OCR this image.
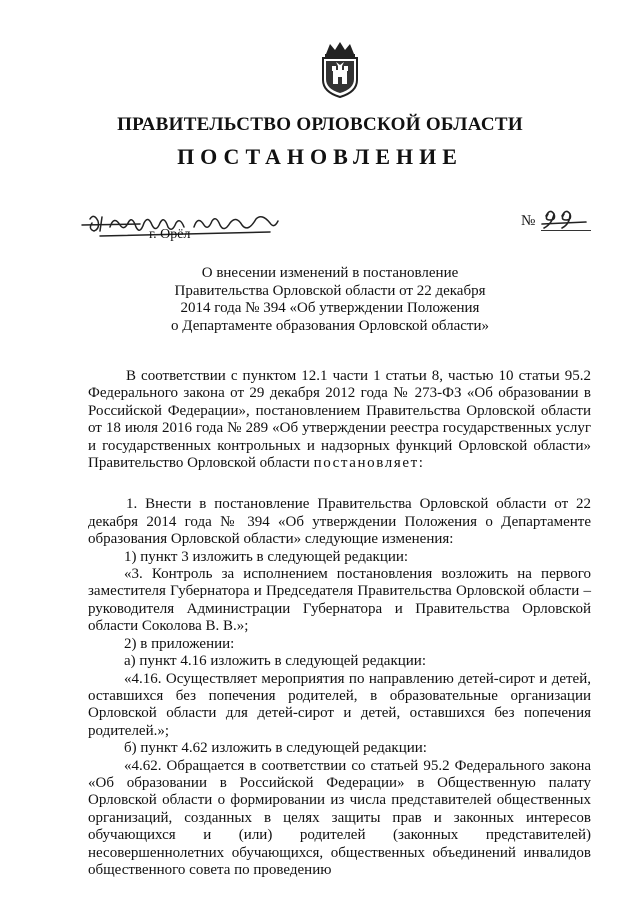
ПРАВИТЕЛЬСТВО ОРЛОВСКОЙ ОБЛАСТИ
ПОСТАНОВЛЕНИЕ
г. Орёл
№
О внесении изменений в постановление
Правительства Орловской области от 22 декабря
2014 года № 394 «Об утверждении Положения
о Департаменте образования Орловской области»

В соответствии с пунктом 12.1 части 1 статьи 8, частью 10 статьи 95.2 Федерального закона от 29 декабря 2012 года № 273-ФЗ «Об образовании в Российской Федерации», постановлением Правительства Орловской области от 18 июля 2016 года № 289 «Об утверждении реестра государственных услуг и государственных контрольных и надзорных функций Орловской области» Правительство Орловской области постановляет:

1. Внести в постановление Правительства Орловской области от 22 декабря 2014 года № 394 «Об утверждении Положения о Департаменте образования Орловской области» следующие изменения:

1) пункт 3 изложить в следующей редакции:

«3. Контроль за исполнением постановления возложить на первого заместителя Губернатора и Председателя Правительства Орловской области – руководителя Администрации Губернатора и Правительства Орловской области Соколова В. В.»;

2) в приложении:

а) пункт 4.16 изложить в следующей редакции:

«4.16. Осуществляет мероприятия по направлению детей-сирот и детей, оставшихся без попечения родителей, в образовательные организации Орловской области для детей-сирот и детей, оставшихся без попечения родителей.»;

б) пункт 4.62 изложить в следующей редакции:

«4.62. Обращается в соответствии со статьей 95.2 Федерального закона «Об образовании в Российской Федерации» в Общественную палату Орловской области о формировании из числа представителей общественных организаций, созданных в целях защиты прав и законных интересов обучающихся и (или) родителей (законных представителей) несовершеннолетних обучающихся, общественных объединений инвалидов общественного совета по проведению
